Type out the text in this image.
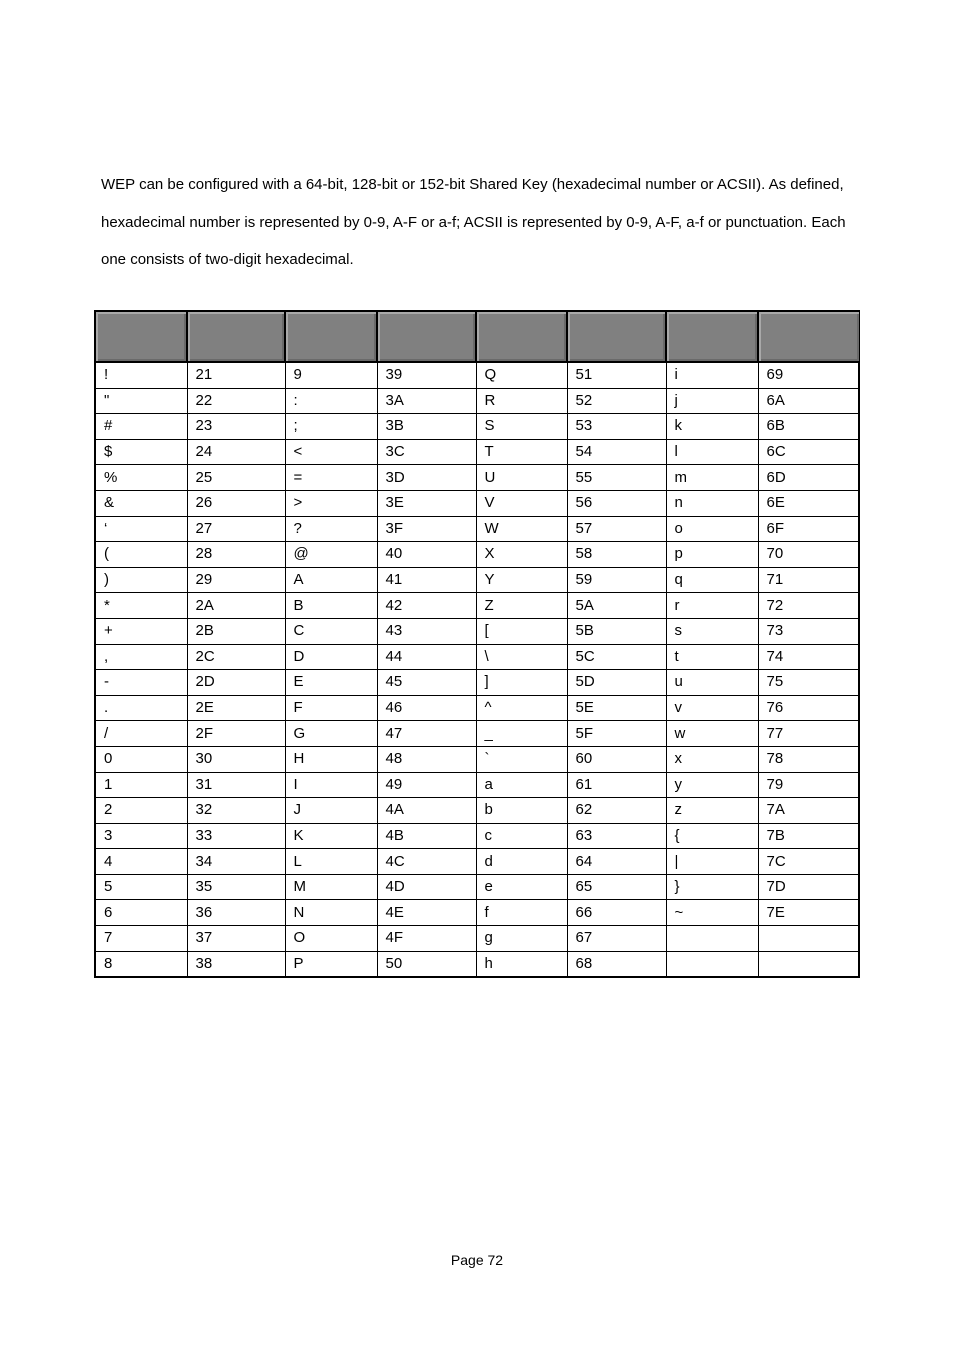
WEP can be configured with a 64-bit, 128-bit or 152-bit Shared Key (hexadecimal number or ACSII). As defined, hexadecimal number is represented by 0-9, A-F or a-f; ACSII is represented by 0-9, A-F, a-f or punctuation. Each one consists of two-digit hexadecimal.

!	21	9	39	Q	51	i	69
"	22	:	3A	R	52	j	6A
#	23	;	3B	S	53	k	6B
$	24	<	3C	T	54	l	6C
%	25	=	3D	U	55	m	6D
&	26	>	3E	V	56	n	6E
‘	27	?	3F	W	57	o	6F
(	28	@	40	X	58	p	70
)	29	A	41	Y	59	q	71
*	2A	B	42	Z	5A	r	72
+	2B	C	43	[	5B	s	73
,	2C	D	44	\	5C	t	74
-	2D	E	45	]	5D	u	75
.	2E	F	46	^	5E	v	76
/	2F	G	47	_	5F	w	77
0	30	H	48	`	60	x	78
1	31	I	49	a	61	y	79
2	32	J	4A	b	62	z	7A
3	33	K	4B	c	63	{	7B
4	34	L	4C	d	64	|	7C
5	35	M	4D	e	65	}	7D
6	36	N	4E	f	66	~	7E
7	37	O	4F	g	67		
8	38	P	50	h	68		
Page 72
